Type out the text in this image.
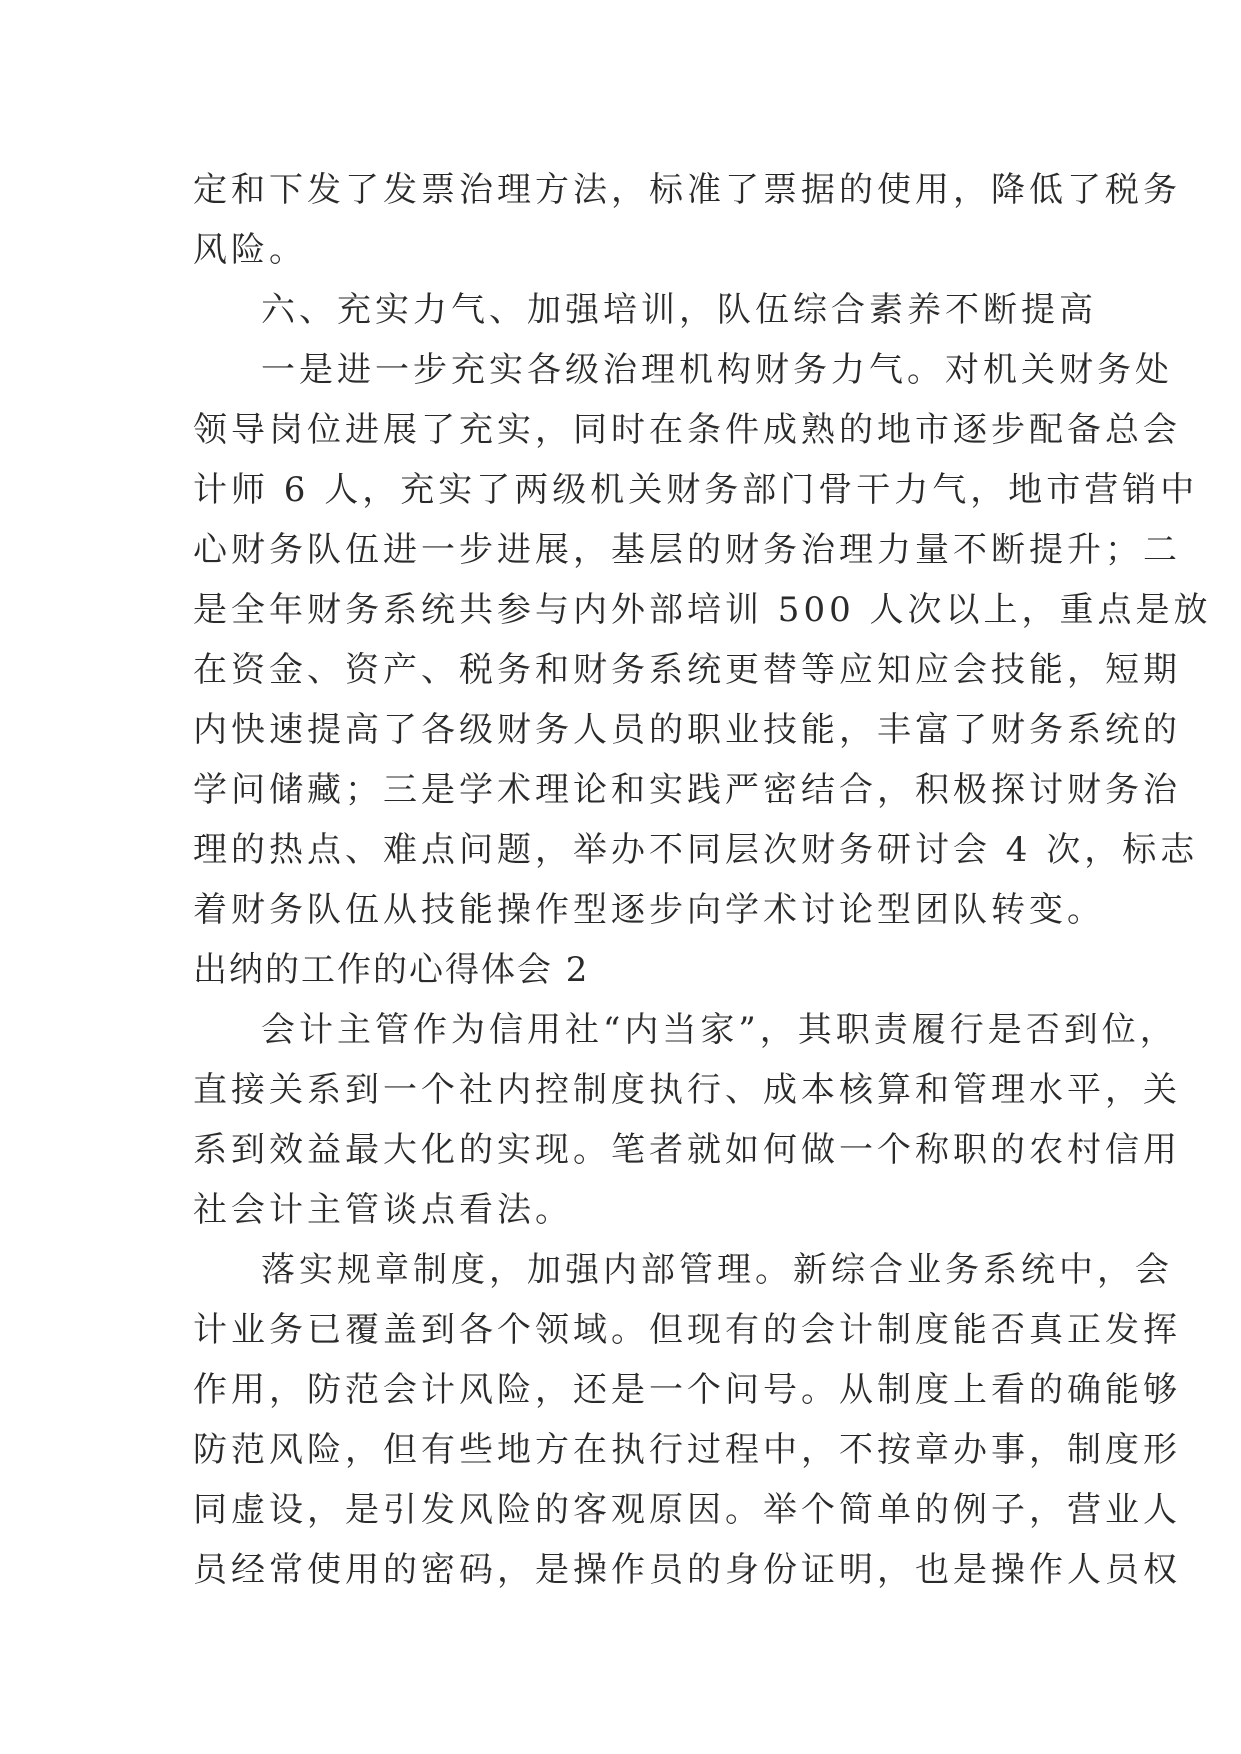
定和下发了发票治理方法，标准了票据的使用，降低了税务
风险。
六、充实力气、加强培训，队伍综合素养不断提高
一是进一步充实各级治理机构财务力气。对机关财务处
领导岗位进展了充实，同时在条件成熟的地市逐步配备总会
计师 6 人，充实了两级机关财务部门骨干力气，地市营销中
心财务队伍进一步进展，基层的财务治理力量不断提升；二
是全年财务系统共参与内外部培训 500 人次以上，重点是放
在资金、资产、税务和财务系统更替等应知应会技能，短期
内快速提高了各级财务人员的职业技能，丰富了财务系统的
学问储藏；三是学术理论和实践严密结合，积极探讨财务治
理的热点、难点问题，举办不同层次财务研讨会 4 次，标志
着财务队伍从技能操作型逐步向学术讨论型团队转变。
出纳的工作的心得体会 2
会计主管作为信用社“内当家”，其职责履行是否到位，
直接关系到一个社内控制度执行、成本核算和管理水平，关
系到效益最大化的实现。笔者就如何做一个称职的农村信用
社会计主管谈点看法。
落实规章制度，加强内部管理。新综合业务系统中，会
计业务已覆盖到各个领域。但现有的会计制度能否真正发挥
作用，防范会计风险，还是一个问号。从制度上看的确能够
防范风险，但有些地方在执行过程中，不按章办事，制度形
同虚设，是引发风险的客观原因。举个简单的例子，营业人
员经常使用的密码，是操作员的身份证明，也是操作人员权
